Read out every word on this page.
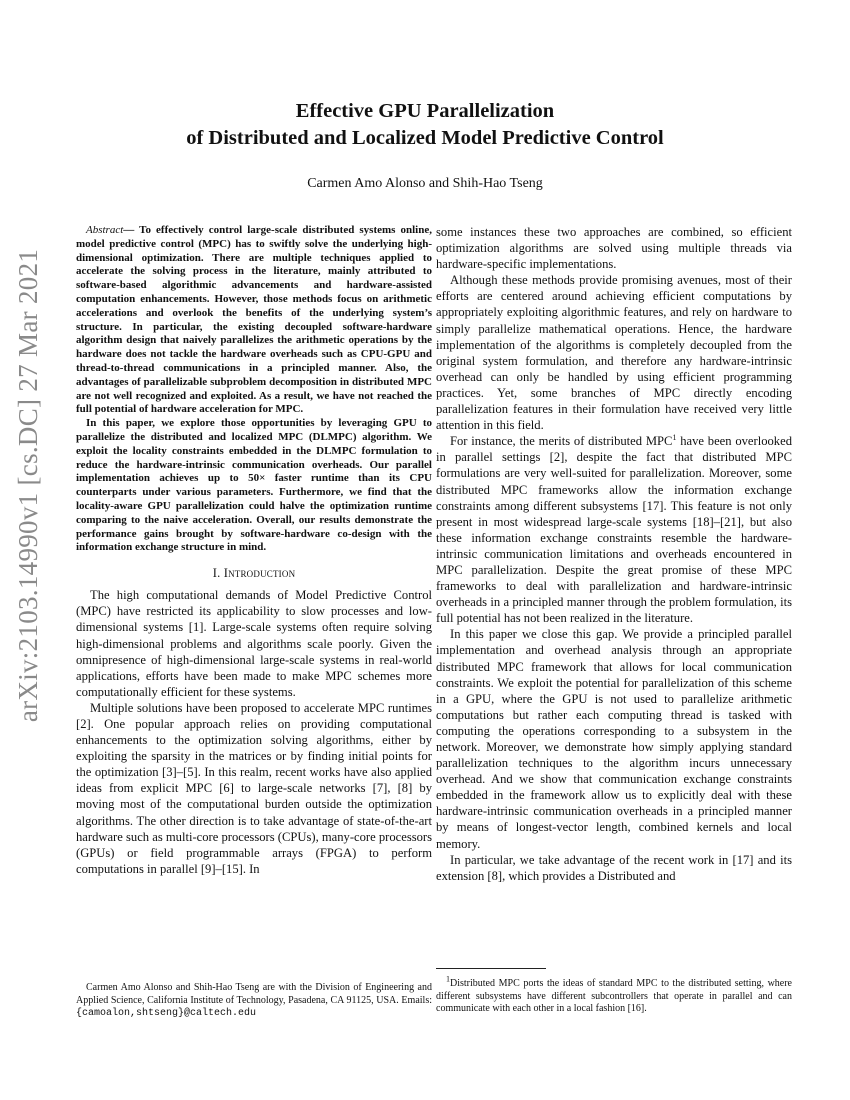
arXiv:2103.14990v1 [cs.DC] 27 Mar 2021
Effective GPU Parallelization
of Distributed and Localized Model Predictive Control
Carmen Amo Alonso and Shih-Hao Tseng

Abstract— To effectively control large-scale distributed systems online, model predictive control (MPC) has to swiftly solve the underlying high-dimensional optimization. There are multiple techniques applied to accelerate the solving process in the literature, mainly attributed to software-based algorithmic advancements and hardware-assisted computation enhancements. However, those methods focus on arithmetic accelerations and overlook the benefits of the underlying system’s structure. In particular, the existing decoupled software-hardware algorithm design that naively parallelizes the arithmetic operations by the hardware does not tackle the hardware overheads such as CPU-GPU and thread-to-thread communications in a principled manner. Also, the advantages of parallelizable subproblem decomposition in distributed MPC are not well recognized and exploited. As a result, we have not reached the full potential of hardware acceleration for MPC.

In this paper, we explore those opportunities by leveraging GPU to parallelize the distributed and localized MPC (DLMPC) algorithm. We exploit the locality constraints embedded in the DLMPC formulation to reduce the hardware-intrinsic communication overheads. Our parallel implementation achieves up to 50× faster runtime than its CPU counterparts under various parameters. Furthermore, we find that the locality-aware GPU parallelization could halve the optimization runtime comparing to the naive acceleration. Overall, our results demonstrate the performance gains brought by software-hardware co-design with the information exchange structure in mind.

I. Introduction

The high computational demands of Model Predictive Control (MPC) have restricted its applicability to slow processes and low-dimensional systems [1]. Large-scale systems often require solving high-dimensional problems and algorithms scale poorly. Given the omnipresence of high-dimensional large-scale systems in real-world applications, efforts have been made to make MPC schemes more computationally efficient for these systems.

Multiple solutions have been proposed to accelerate MPC runtimes [2]. One popular approach relies on providing computational enhancements to the optimization solving algorithms, either by exploiting the sparsity in the matrices or by finding initial points for the optimization [3]–[5]. In this realm, recent works have also applied ideas from explicit MPC [6] to large-scale networks [7], [8] by moving most of the computational burden outside the optimization algorithms. The other direction is to take advantage of state-of-the-art hardware such as multi-core processors (CPUs), many-core processors (GPUs) or field programmable arrays (FPGA) to perform computations in parallel [9]–[15]. In

some instances these two approaches are combined, so efficient optimization algorithms are solved using multiple threads via hardware-specific implementations.

Although these methods provide promising avenues, most of their efforts are centered around achieving efficient computations by appropriately exploiting algorithmic features, and rely on hardware to simply parallelize mathematical operations. Hence, the hardware implementation of the algorithms is completely decoupled from the original system formulation, and therefore any hardware-intrinsic overhead can only be handled by using efficient programming practices. Yet, some branches of MPC directly encoding parallelization features in their formulation have received very little attention in this field.

For instance, the merits of distributed MPC$^1$ have been overlooked in parallel settings [2], despite the fact that distributed MPC formulations are very well-suited for parallelization. Moreover, some distributed MPC frameworks allow the information exchange constraints among different subsystems [17]. This feature is not only present in most widespread large-scale systems [18]–[21], but also these information exchange constraints resemble the hardware-intrinsic communication limitations and overheads encountered in MPC parallelization. Despite the great promise of these MPC frameworks to deal with parallelization and hardware-intrinsic overheads in a principled manner through the problem formulation, its full potential has not been realized in the literature.

In this paper we close this gap. We provide a principled parallel implementation and overhead analysis through an appropriate distributed MPC framework that allows for local communication constraints. We exploit the potential for parallelization of this scheme in a GPU, where the GPU is not used to parallelize arithmetic computations but rather each computing thread is tasked with computing the operations corresponding to a subsystem in the network. Moreover, we demonstrate how simply applying standard parallelization techniques to the algorithm incurs unnecessary overhead. And we show that communication exchange constraints embedded in the framework allow us to explicitly deal with these hardware-intrinsic communication overheads in a principled manner by means of longest-vector length, combined kernels and local memory.

In particular, we take advantage of the recent work in [17] and its extension [8], which provides a Distributed and

Carmen Amo Alonso and Shih-Hao Tseng are with the Division of Engineering and Applied Science, California Institute of Technology, Pasadena, CA 91125, USA. Emails: {camoalon,shtseng}@caltech.edu
$^1$Distributed MPC ports the ideas of standard MPC to the distributed setting, where different subsystems have different subcontrollers that operate in parallel and can communicate with each other in a local fashion [16].
